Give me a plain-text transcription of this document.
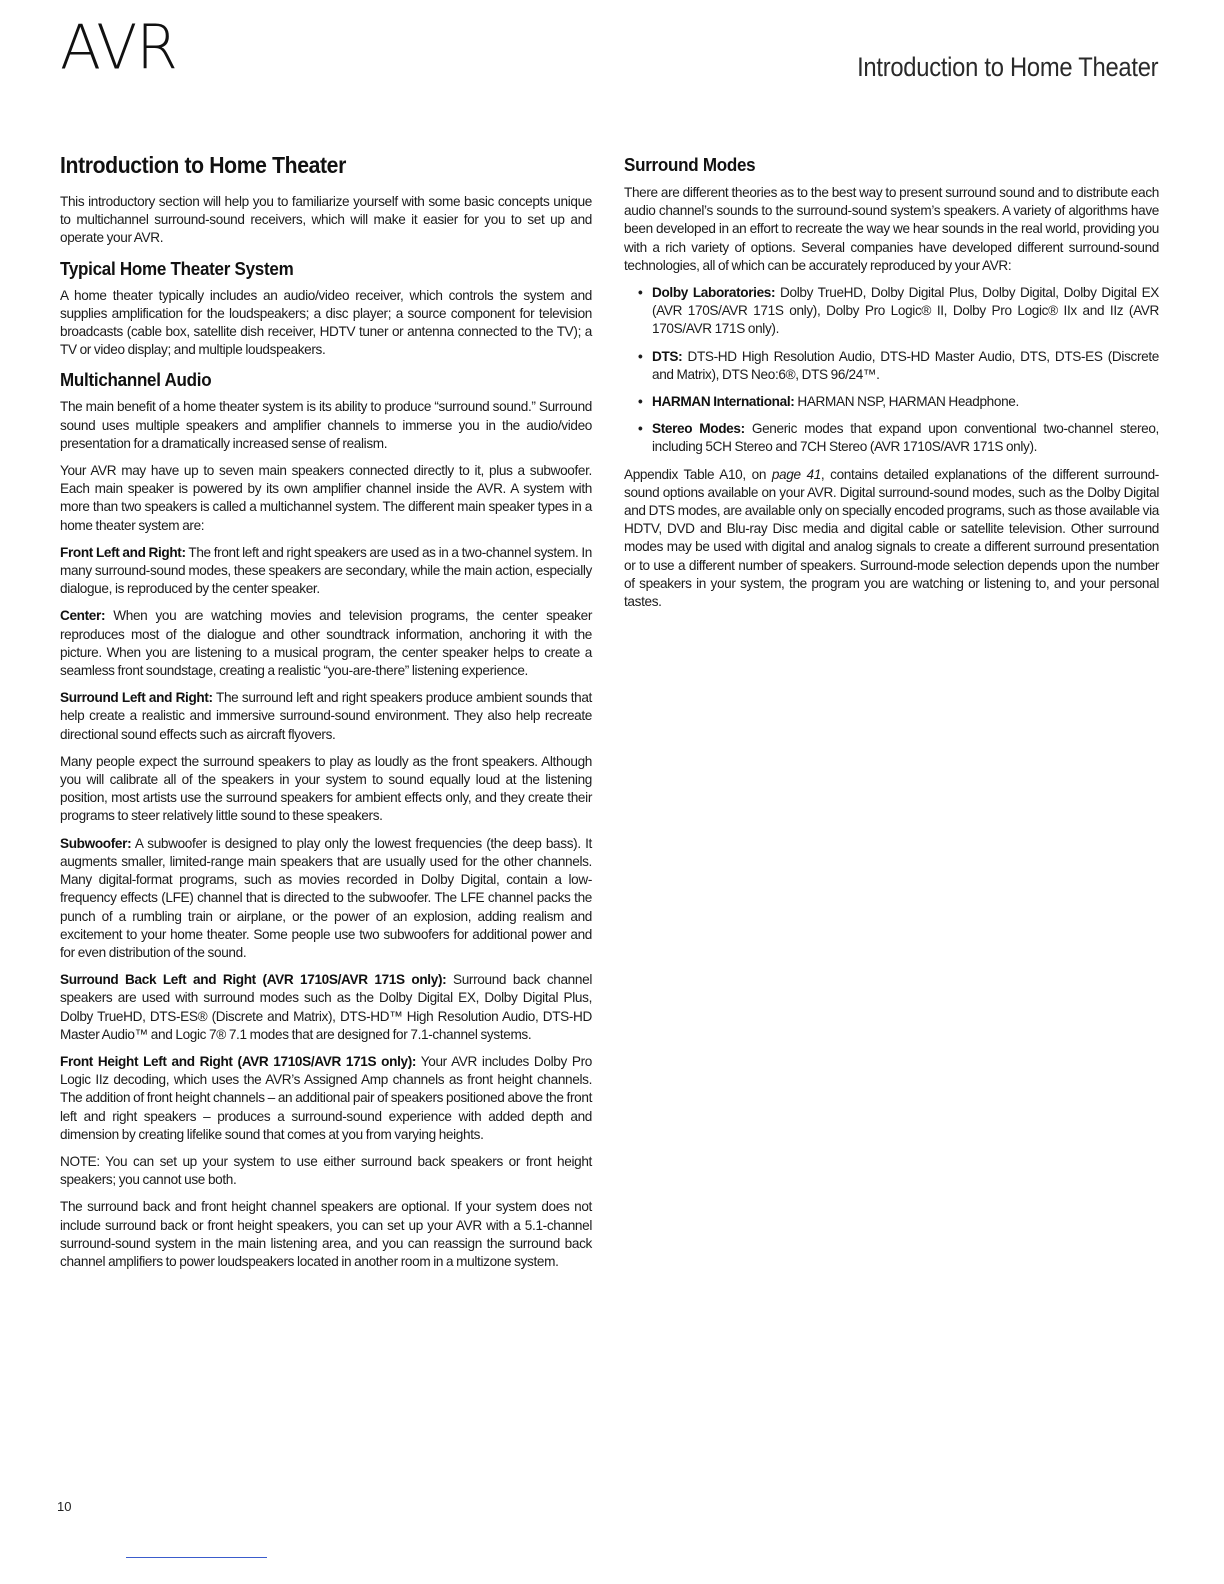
AVR	Introduction to Home Theater
Introduction to Home Theater

This introductory section will help you to familiarize yourself with some basic concepts unique to multichannel surround-sound receivers, which will make it easier for you to set up and operate your AVR.

Typical Home Theater System

A home theater typically includes an audio/video receiver, which controls the system and supplies amplification for the loudspeakers; a disc player; a source component for television broadcasts (cable box, satellite dish receiver, HDTV tuner or antenna connected to the TV); a TV or video display; and multiple loudspeakers.

Multichannel Audio

The main benefit of a home theater system is its ability to produce “surround sound.” Surround sound uses multiple speakers and amplifier channels to immerse you in the audio/video presentation for a dramatically increased sense of realism.

Your AVR may have up to seven main speakers connected directly to it, plus a subwoofer. Each main speaker is powered by its own amplifier channel inside the AVR. A system with more than two speakers is called a multichannel system. The different main speaker types in a home theater system are:

Front Left and Right: The front left and right speakers are used as in a two-channel system. In many surround-sound modes, these speakers are secondary, while the main action, especially dialogue, is reproduced by the center speaker.

Center: When you are watching movies and television programs, the center speaker reproduces most of the dialogue and other soundtrack information, anchoring it with the picture. When you are listening to a musical program, the center speaker helps to create a seamless front soundstage, creating a realistic “you-are-there” listening experience.

Surround Left and Right: The surround left and right speakers produce ambient sounds that help create a realistic and immersive surround-sound environment. They also help recreate directional sound effects such as aircraft flyovers.

Many people expect the surround speakers to play as loudly as the front speakers. Although you will calibrate all of the speakers in your system to sound equally loud at the listening position, most artists use the surround speakers for ambient effects only, and they create their programs to steer relatively little sound to these speakers.

Subwoofer: A subwoofer is designed to play only the lowest frequencies (the deep bass). It augments smaller, limited-range main speakers that are usually used for the other channels. Many digital-format programs, such as movies recorded in Dolby Digital, contain a low-frequency effects (LFE) channel that is directed to the subwoofer. The LFE channel packs the punch of a rumbling train or airplane, or the power of an explosion, adding realism and excitement to your home theater. Some people use two subwoofers for additional power and for even distribution of the sound.

Surround Back Left and Right (AVR 1710S/AVR 171S only): Surround back channel speakers are used with surround modes such as the Dolby Digital EX, Dolby Digital Plus, Dolby TrueHD, DTS-ES® (Discrete and Matrix), DTS-HD™ High Resolution Audio, DTS-HD Master Audio™ and Logic 7® 7.1 modes that are designed for 7.1-channel systems.

Front Height Left and Right (AVR 1710S/AVR 171S only): Your AVR includes Dolby Pro Logic IIz decoding, which uses the AVR’s Assigned Amp channels as front height channels. The addition of front height channels – an additional pair of speakers positioned above the front left and right speakers – produces a surround-sound experience with added depth and dimension by creating lifelike sound that comes at you from varying heights.

NOTE: You can set up your system to use either surround back speakers or front height speakers; you cannot use both.

The surround back and front height channel speakers are optional. If your system does not include surround back or front height speakers, you can set up your AVR with a 5.1-channel surround-sound system in the main listening area, and you can reassign the surround back channel amplifiers to power loudspeakers located in another room in a multizone system.

Surround Modes

There are different theories as to the best way to present surround sound and to distribute each audio channel’s sounds to the surround-sound system’s speakers. A variety of algorithms have been developed in an effort to recreate the way we hear sounds in the real world, providing you with a rich variety of options. Several companies have developed different surround-sound technologies, all of which can be accurately reproduced by your AVR:

• Dolby Laboratories: Dolby TrueHD, Dolby Digital Plus, Dolby Digital, Dolby Digital EX (AVR 170S/AVR 171S only), Dolby Pro Logic® II, Dolby Pro Logic® IIx and IIz (AVR 170S/AVR 171S only).
• DTS: DTS-HD High Resolution Audio, DTS-HD Master Audio, DTS, DTS-ES (Discrete and Matrix), DTS Neo:6®, DTS 96/24™.
• HARMAN International: HARMAN NSP, HARMAN Headphone.
• Stereo Modes: Generic modes that expand upon conventional two-channel stereo, including 5CH Stereo and 7CH Stereo (AVR 1710S/AVR 171S only).

Appendix Table A10, on page 41, contains detailed explanations of the different surround-sound options available on your AVR. Digital surround-sound modes, such as the Dolby Digital and DTS modes, are available only on specially encoded programs, such as those available via HDTV, DVD and Blu-ray Disc media and digital cable or satellite television. Other surround modes may be used with digital and analog signals to create a different surround presentation or to use a different number of speakers. Surround-mode selection depends upon the number of speakers in your system, the program you are watching or listening to, and your personal tastes.

10
